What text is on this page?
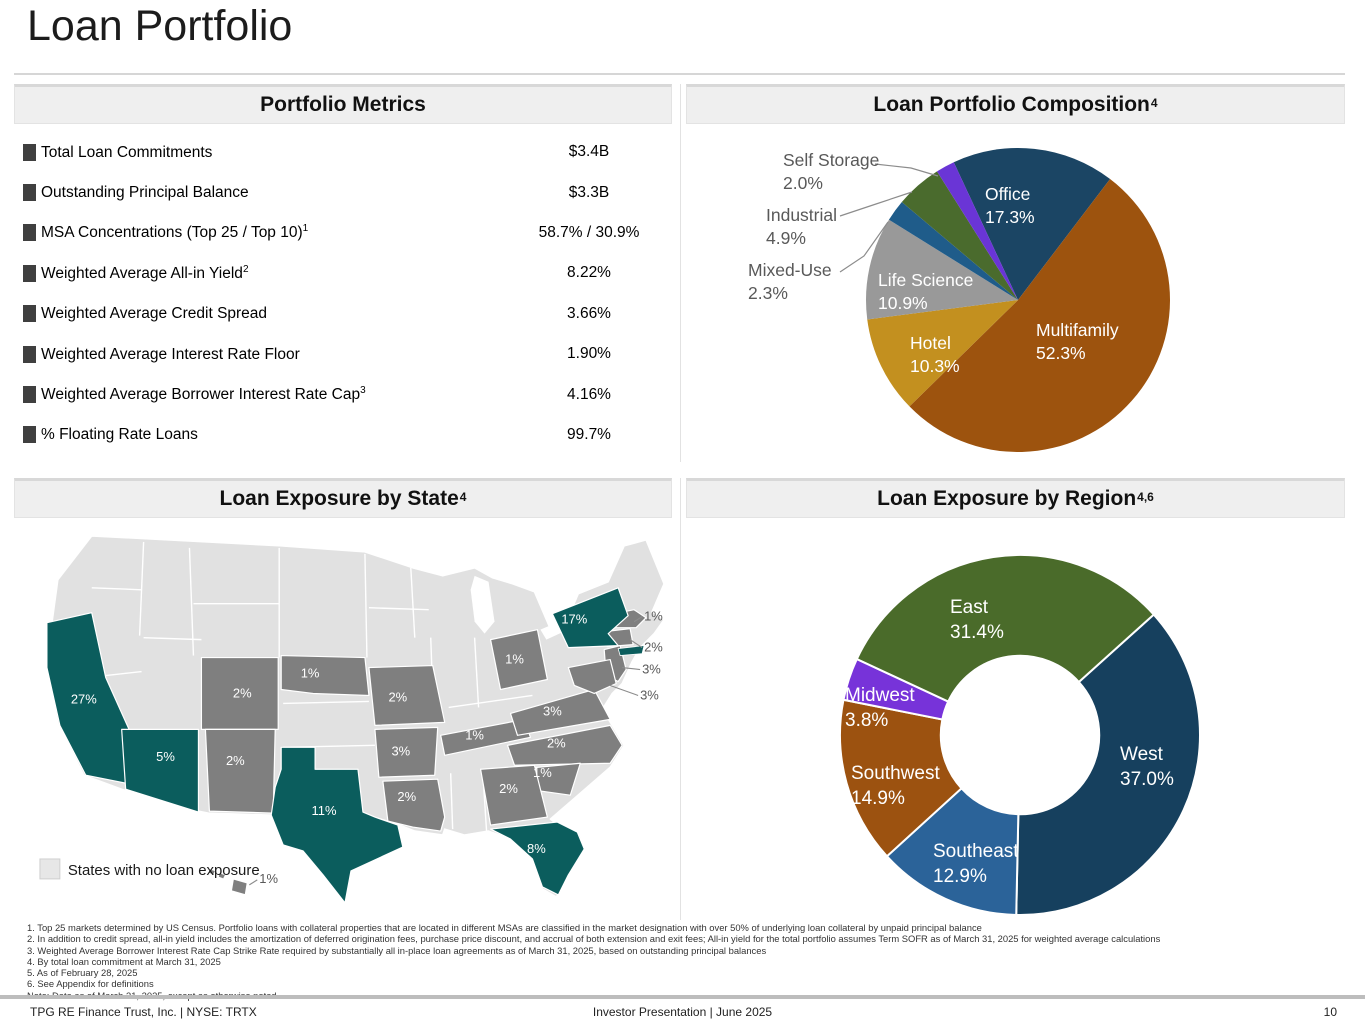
Loan Portfolio
Portfolio Metrics
Total Loan Commitments	$3.4B
Outstanding Principal Balance	$3.3B
MSA Concentrations (Top 25 / Top 10)$^1$	58.7% / 30.9%
Weighted Average All-in Yield$^2$	8.22%
Weighted Average Credit Spread	3.66%
Weighted Average Interest Rate Floor	1.90%
Weighted Average Borrower Interest Rate Cap$^3$	4.16%
% Floating Rate Loans	99.7%
Loan Portfolio Composition 4
Office
17.3%
Multifamily
52.3%
Hotel
10.3%
Life Science
10.9%
Mixed-Use
2.3%
Industrial
4.9%
Self Storage
2.0%
Loan Exposure by State 4
1%
2%
2%
2%
3%
2%
1%
1%
3%
2%
1%
2%
1%
2%
3%
3%
1%
27%
5%
11%
8%
17%
States with no loan exposure
Loan Exposure by Region 4,6
West
37.0%
Southeast
12.9%
Southwest
14.9%
Midwest
3.8%
East
31.4%
1. Top 25 markets determined by US Census. Portfolio loans with collateral properties that are located in different MSAs are classified in the market designation with over 50% of underlying loan collateral by unpaid principal balance
2. In addition to credit spread, all-in yield includes the amortization of deferred origination fees, purchase price discount, and accrual of both extension and exit fees; All-in yield for the total portfolio assumes Term SOFR as of March 31, 2025 for weighted average calculations
3. Weighted Average Borrower Interest Rate Cap Strike Rate required by substantially all in-place loan agreements as of March 31, 2025, based on outstanding principal balances
4. By total loan commitment at March 31, 2025
5. As of February 28, 2025
6. See Appendix for definitions
TPG RE Finance Trust, Inc. | NYSE: TRTX	Investor Presentation | June 2025	10
